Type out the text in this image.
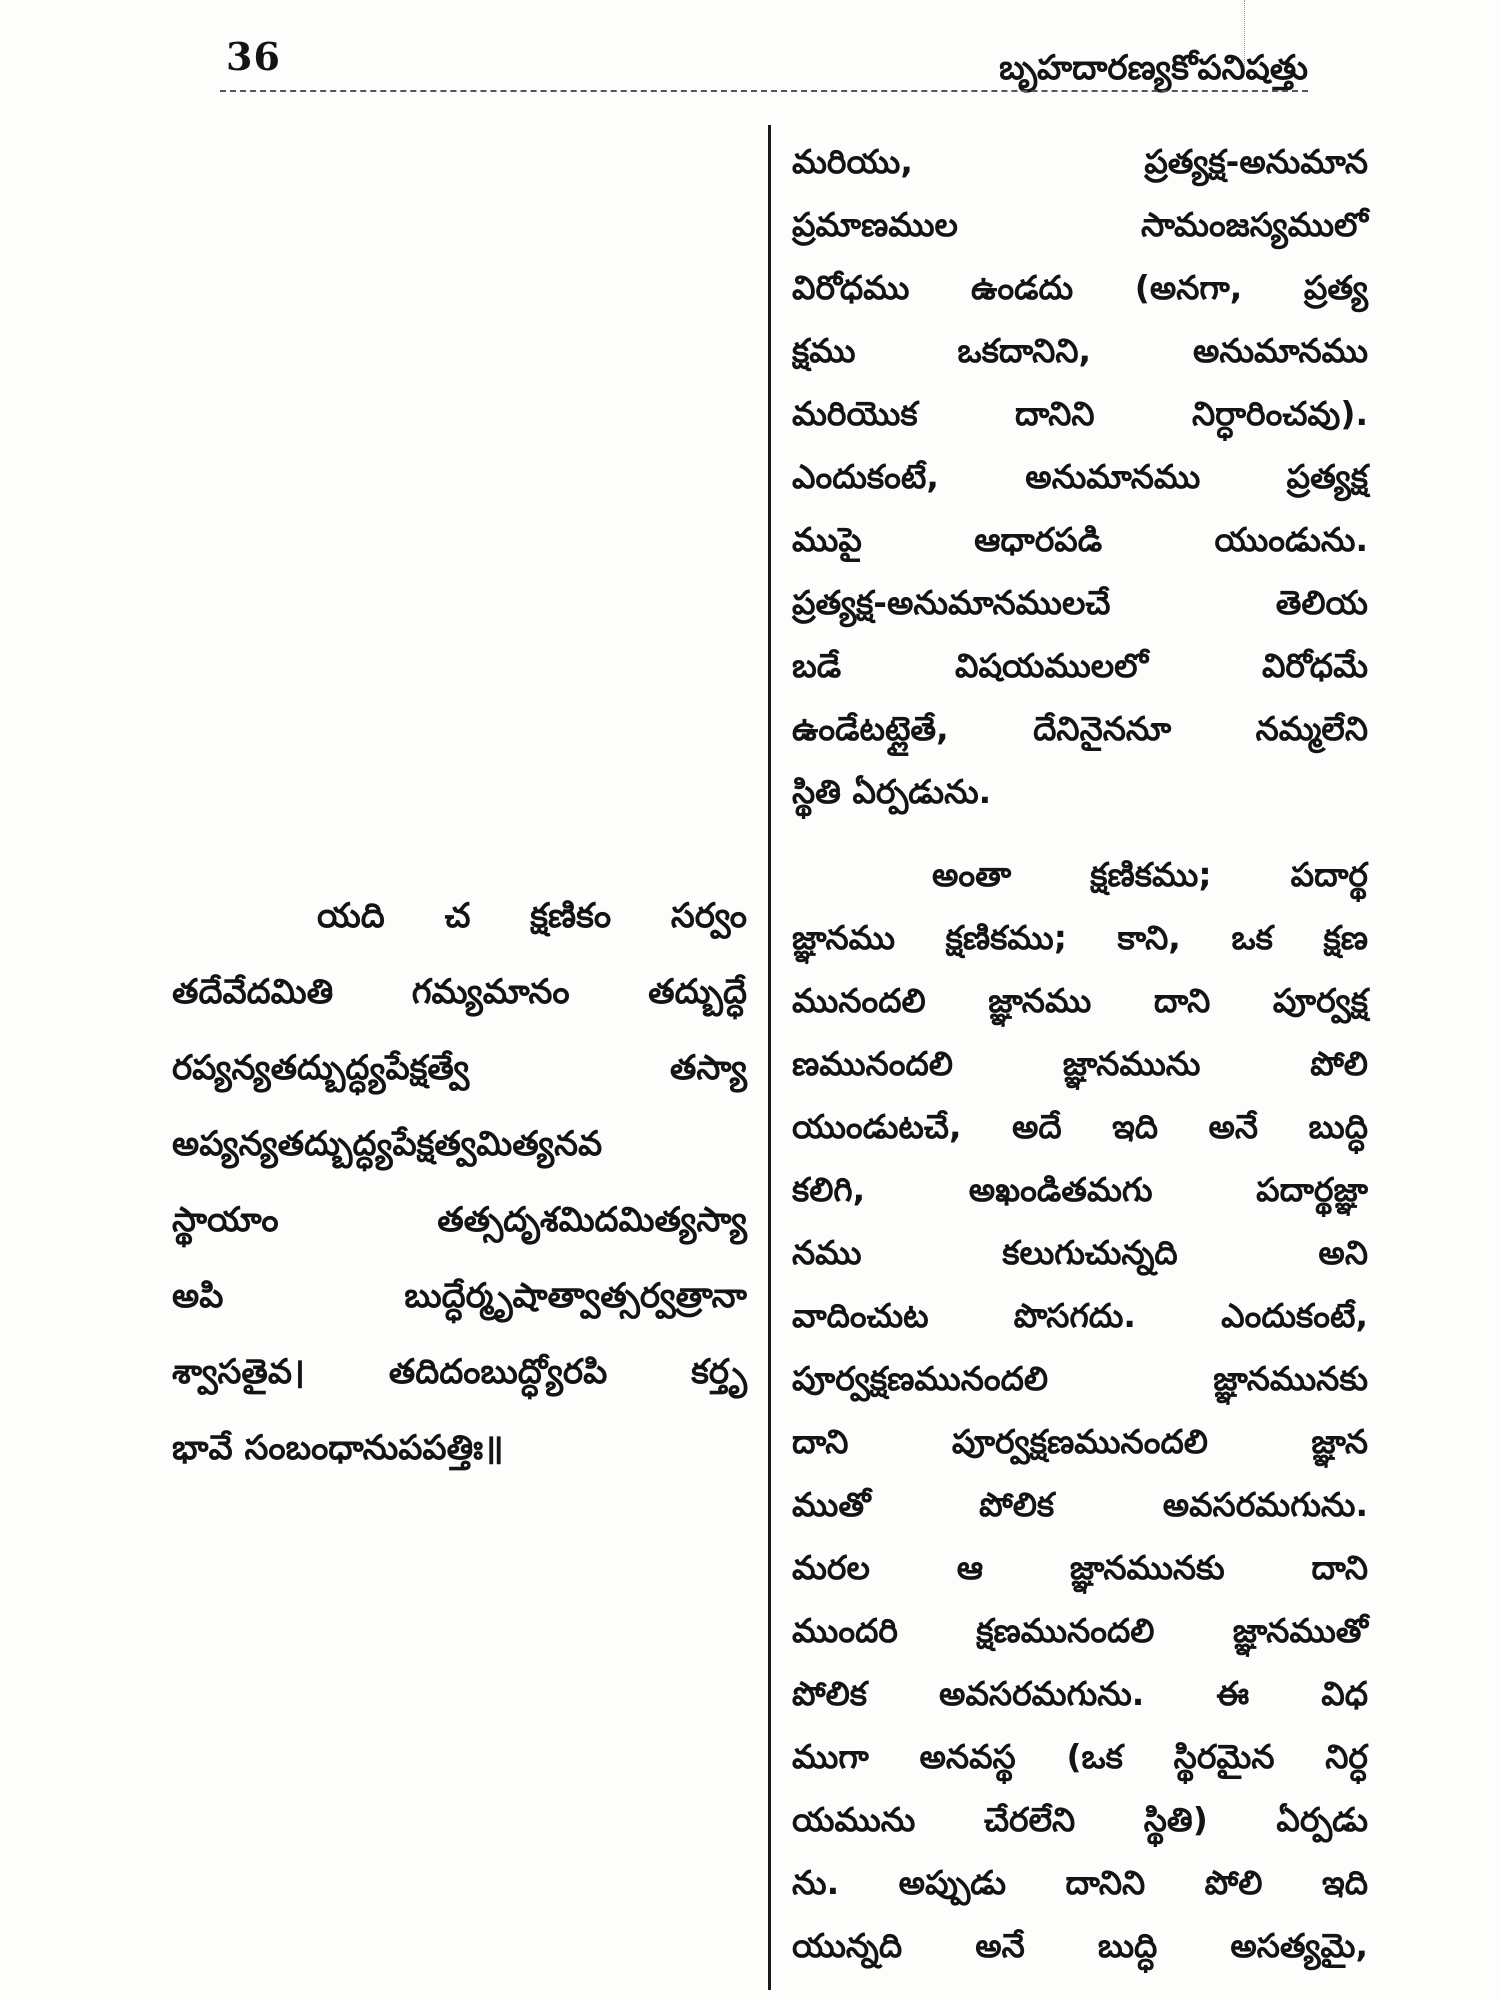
36	బృహదారణ్యకోపనిషత్తు
యది చ క్షణికం సర్వం
తదేవేదమితి గమ్యమానం తద్బుద్ధే
రప్యన్యతద్బుద్ధ్యపేక్షత్వే తస్యా
అప్యన్యతద్బుద్ధ్యపేక్షత్వమిత్యనవ
స్థాయాం తత్సదృశమిదమిత్యస్యా
అపి బుద్ధేర్మృషాత్వాత్సర్వత్రానా
శ్వాసతైవ। తదిదంబుద్ధ్యోరపి కర్తృ
భావే సంబంధానుపపత్తిః॥
మరియు, ప్రత్యక్ష-అనుమాన
ప్రమాణముల సామంజస్యములో
విరోధము ఉండదు (అనగా, ప్రత్య
క్షము ఒకదానిని, అనుమానము
మరియొక దానిని నిర్ధారించవు).
ఎందుకంటే, అనుమానము ప్రత్యక్ష
ముపై ఆధారపడి యుండును.
ప్రత్యక్ష-అనుమానములచే తెలియ
బడే విషయములలో విరోధమే
ఉండేటట్లైతే, దేనినైననూ నమ్మలేని
స్థితి ఏర్పడును.
అంతా క్షణికము; పదార్థ
జ్ఞానము క్షణికము; కాని, ఒక క్షణ
మునందలి జ్ఞానము దాని పూర్వక్ష
ణమునందలి జ్ఞానమును పోలి
యుండుటచే, అదే ఇది అనే బుద్ధి
కలిగి, అఖండితమగు పదార్థజ్ఞా
నము కలుగుచున్నది అని
వాదించుట పొసగదు. ఎందుకంటే,
పూర్వక్షణమునందలి జ్ఞానమునకు
దాని పూర్వక్షణమునందలి జ్ఞాన
ముతో పోలిక అవసరమగును.
మరల ఆ జ్ఞానమునకు దాని
ముందరి క్షణమునందలి జ్ఞానముతో
పోలిక అవసరమగును. ఈ విధ
ముగా అనవస్థ (ఒక స్థిరమైన నిర్ధ
యమును చేరలేని స్థితి) ఏర్పడు
ను. అప్పుడు దానిని పోలి ఇది
యున్నది అనే బుద్ధి అసత్యమై,
